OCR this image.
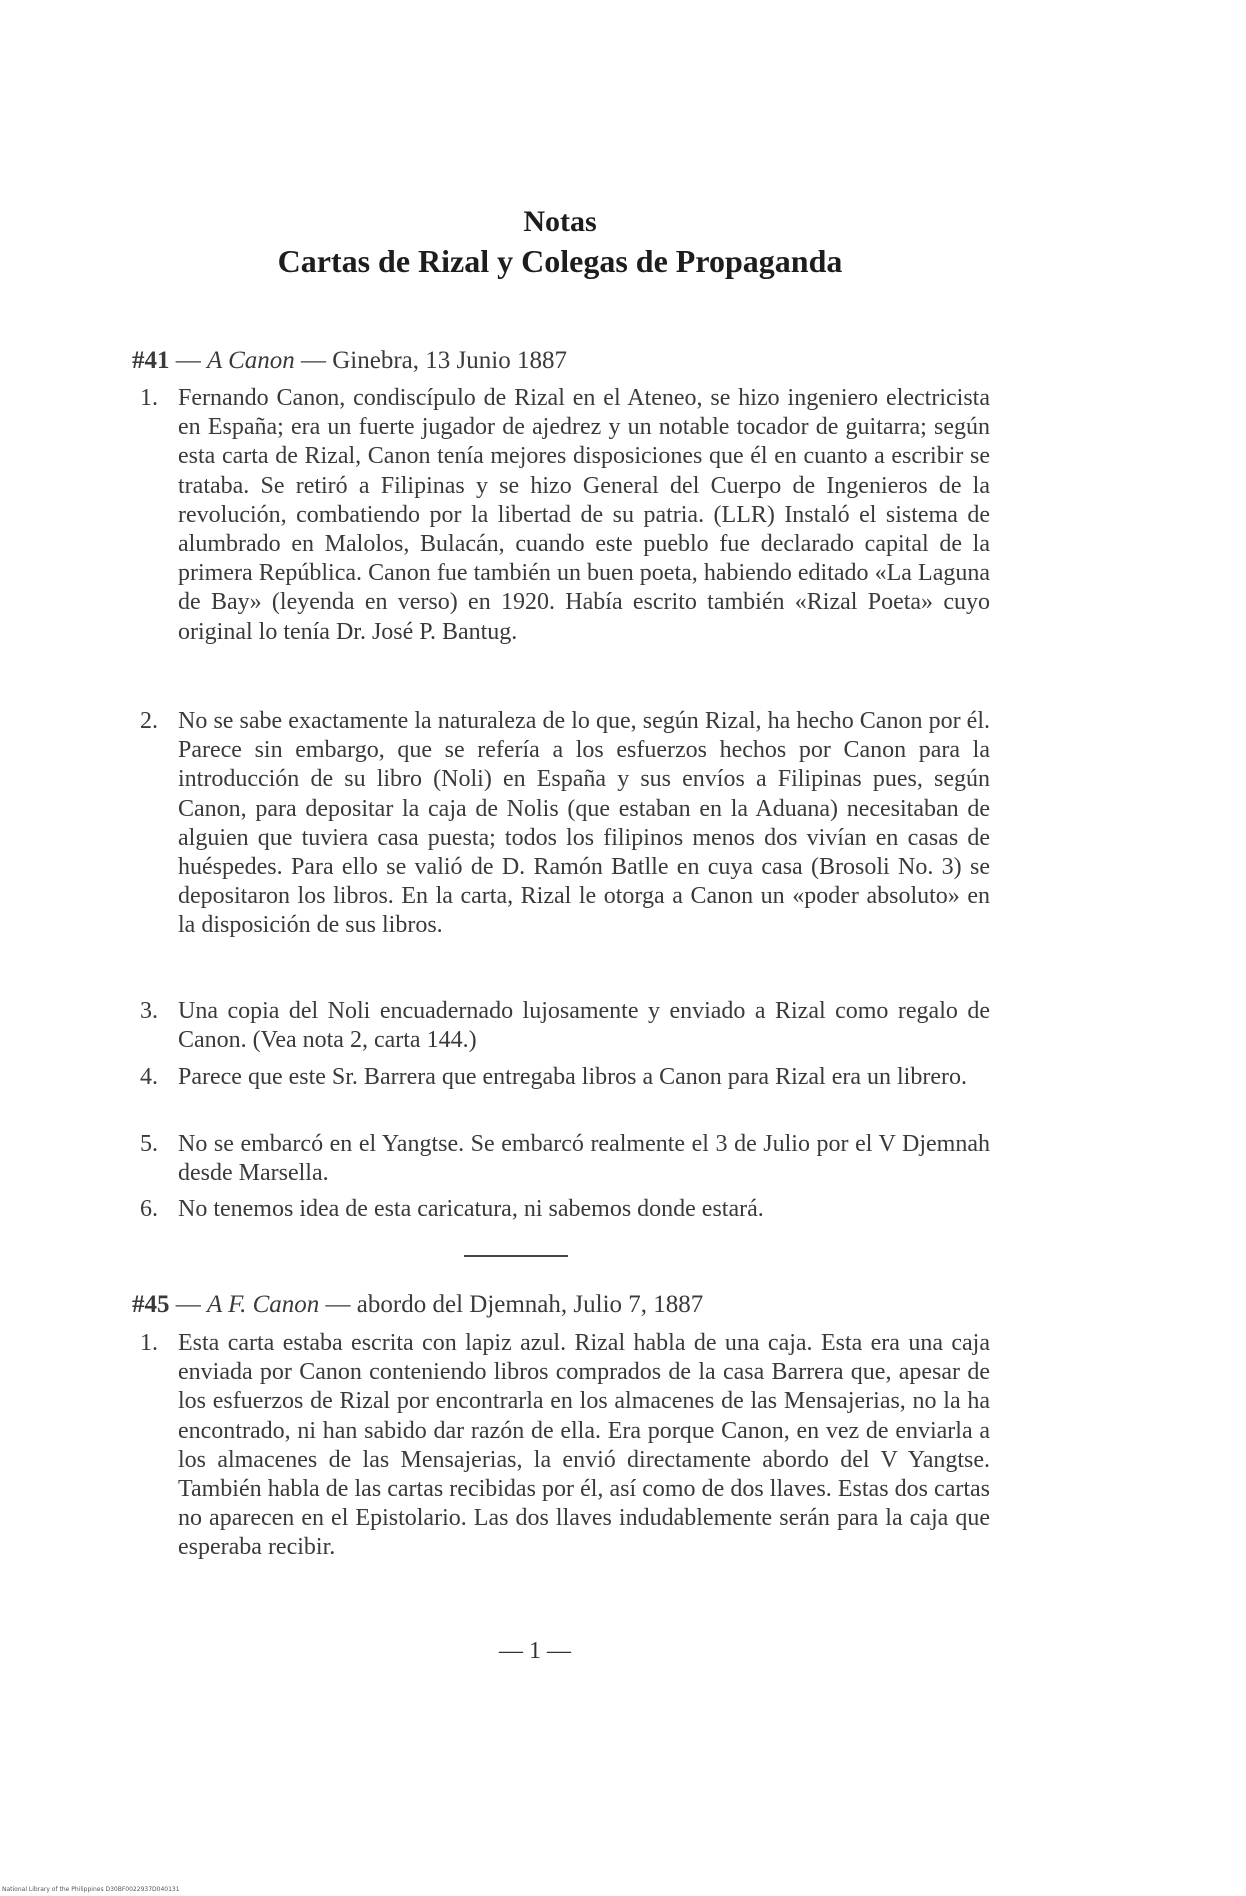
Notas
Cartas de Rizal y Colegas de Propaganda
#41 — A Canon — Ginebra, 13 Junio 1887
1. Fernando Canon, condiscípulo de Rizal en el Ateneo, se hizo ingeniero electricista en España; era un fuerte jugador de ajedrez y un notable tocador de guitarra; según esta carta de Rizal, Canon tenía mejores disposiciones que él en cuanto a escribir se trataba. Se retiró a Filipinas y se hizo General del Cuerpo de Ingenieros de la revolución, combatiendo por la libertad de su patria. (LLR) Instaló el sistema de alumbrado en Malolos, Bulacán, cuando este pueblo fue declarado capital de la primera República. Canon fue también un buen poeta, habiendo editado «La Laguna de Bay» (leyenda en verso) en 1920. Había escrito también «Rizal Poeta» cuyo original lo tenía Dr. José P. Bantug.
2. No se sabe exactamente la naturaleza de lo que, según Rizal, ha hecho Canon por él. Parece sin embargo, que se refería a los esfuerzos hechos por Canon para la introducción de su libro (Noli) en España y sus envíos a Filipinas pues, según Canon, para depositar la caja de Nolis (que estaban en la Aduana) necesitaban de alguien que tuviera casa puesta; todos los filipinos menos dos vivían en casas de huéspedes. Para ello se valió de D. Ramón Batlle en cuya casa (Brosoli No. 3) se depositaron los libros. En la carta, Rizal le otorga a Canon un «poder absoluto» en la disposición de sus libros.
3. Una copia del Noli encuadernado lujosamente y enviado a Rizal como regalo de Canon. (Vea nota 2, carta 144.)
4. Parece que este Sr. Barrera que entregaba libros a Canon para Rizal era un librero.
5. No se embarcó en el Yangtse. Se embarcó realmente el 3 de Julio por el V Djemnah desde Marsella.
6. No tenemos idea de esta caricatura, ni sabemos donde estará.
#45 — A F. Canon — abordo del Djemnah, Julio 7, 1887
1. Esta carta estaba escrita con lapiz azul. Rizal habla de una caja. Esta era una caja enviada por Canon conteniendo libros comprados de la casa Barrera que, apesar de los esfuerzos de Rizal por encontrarla en los almacenes de las Mensajerias, no la ha encontrado, ni han sabido dar razón de ella. Era porque Canon, en vez de enviarla a los almacenes de las Mensajerias, la envió directamente abordo del V Yangtse. También habla de las cartas recibidas por él, así como de dos llaves. Estas dos cartas no aparecen en el Epistolario. Las dos llaves indudablemente serán para la caja que esperaba recibir.
— 1 —
National Library of the Philippines D30BF0022937D040131
